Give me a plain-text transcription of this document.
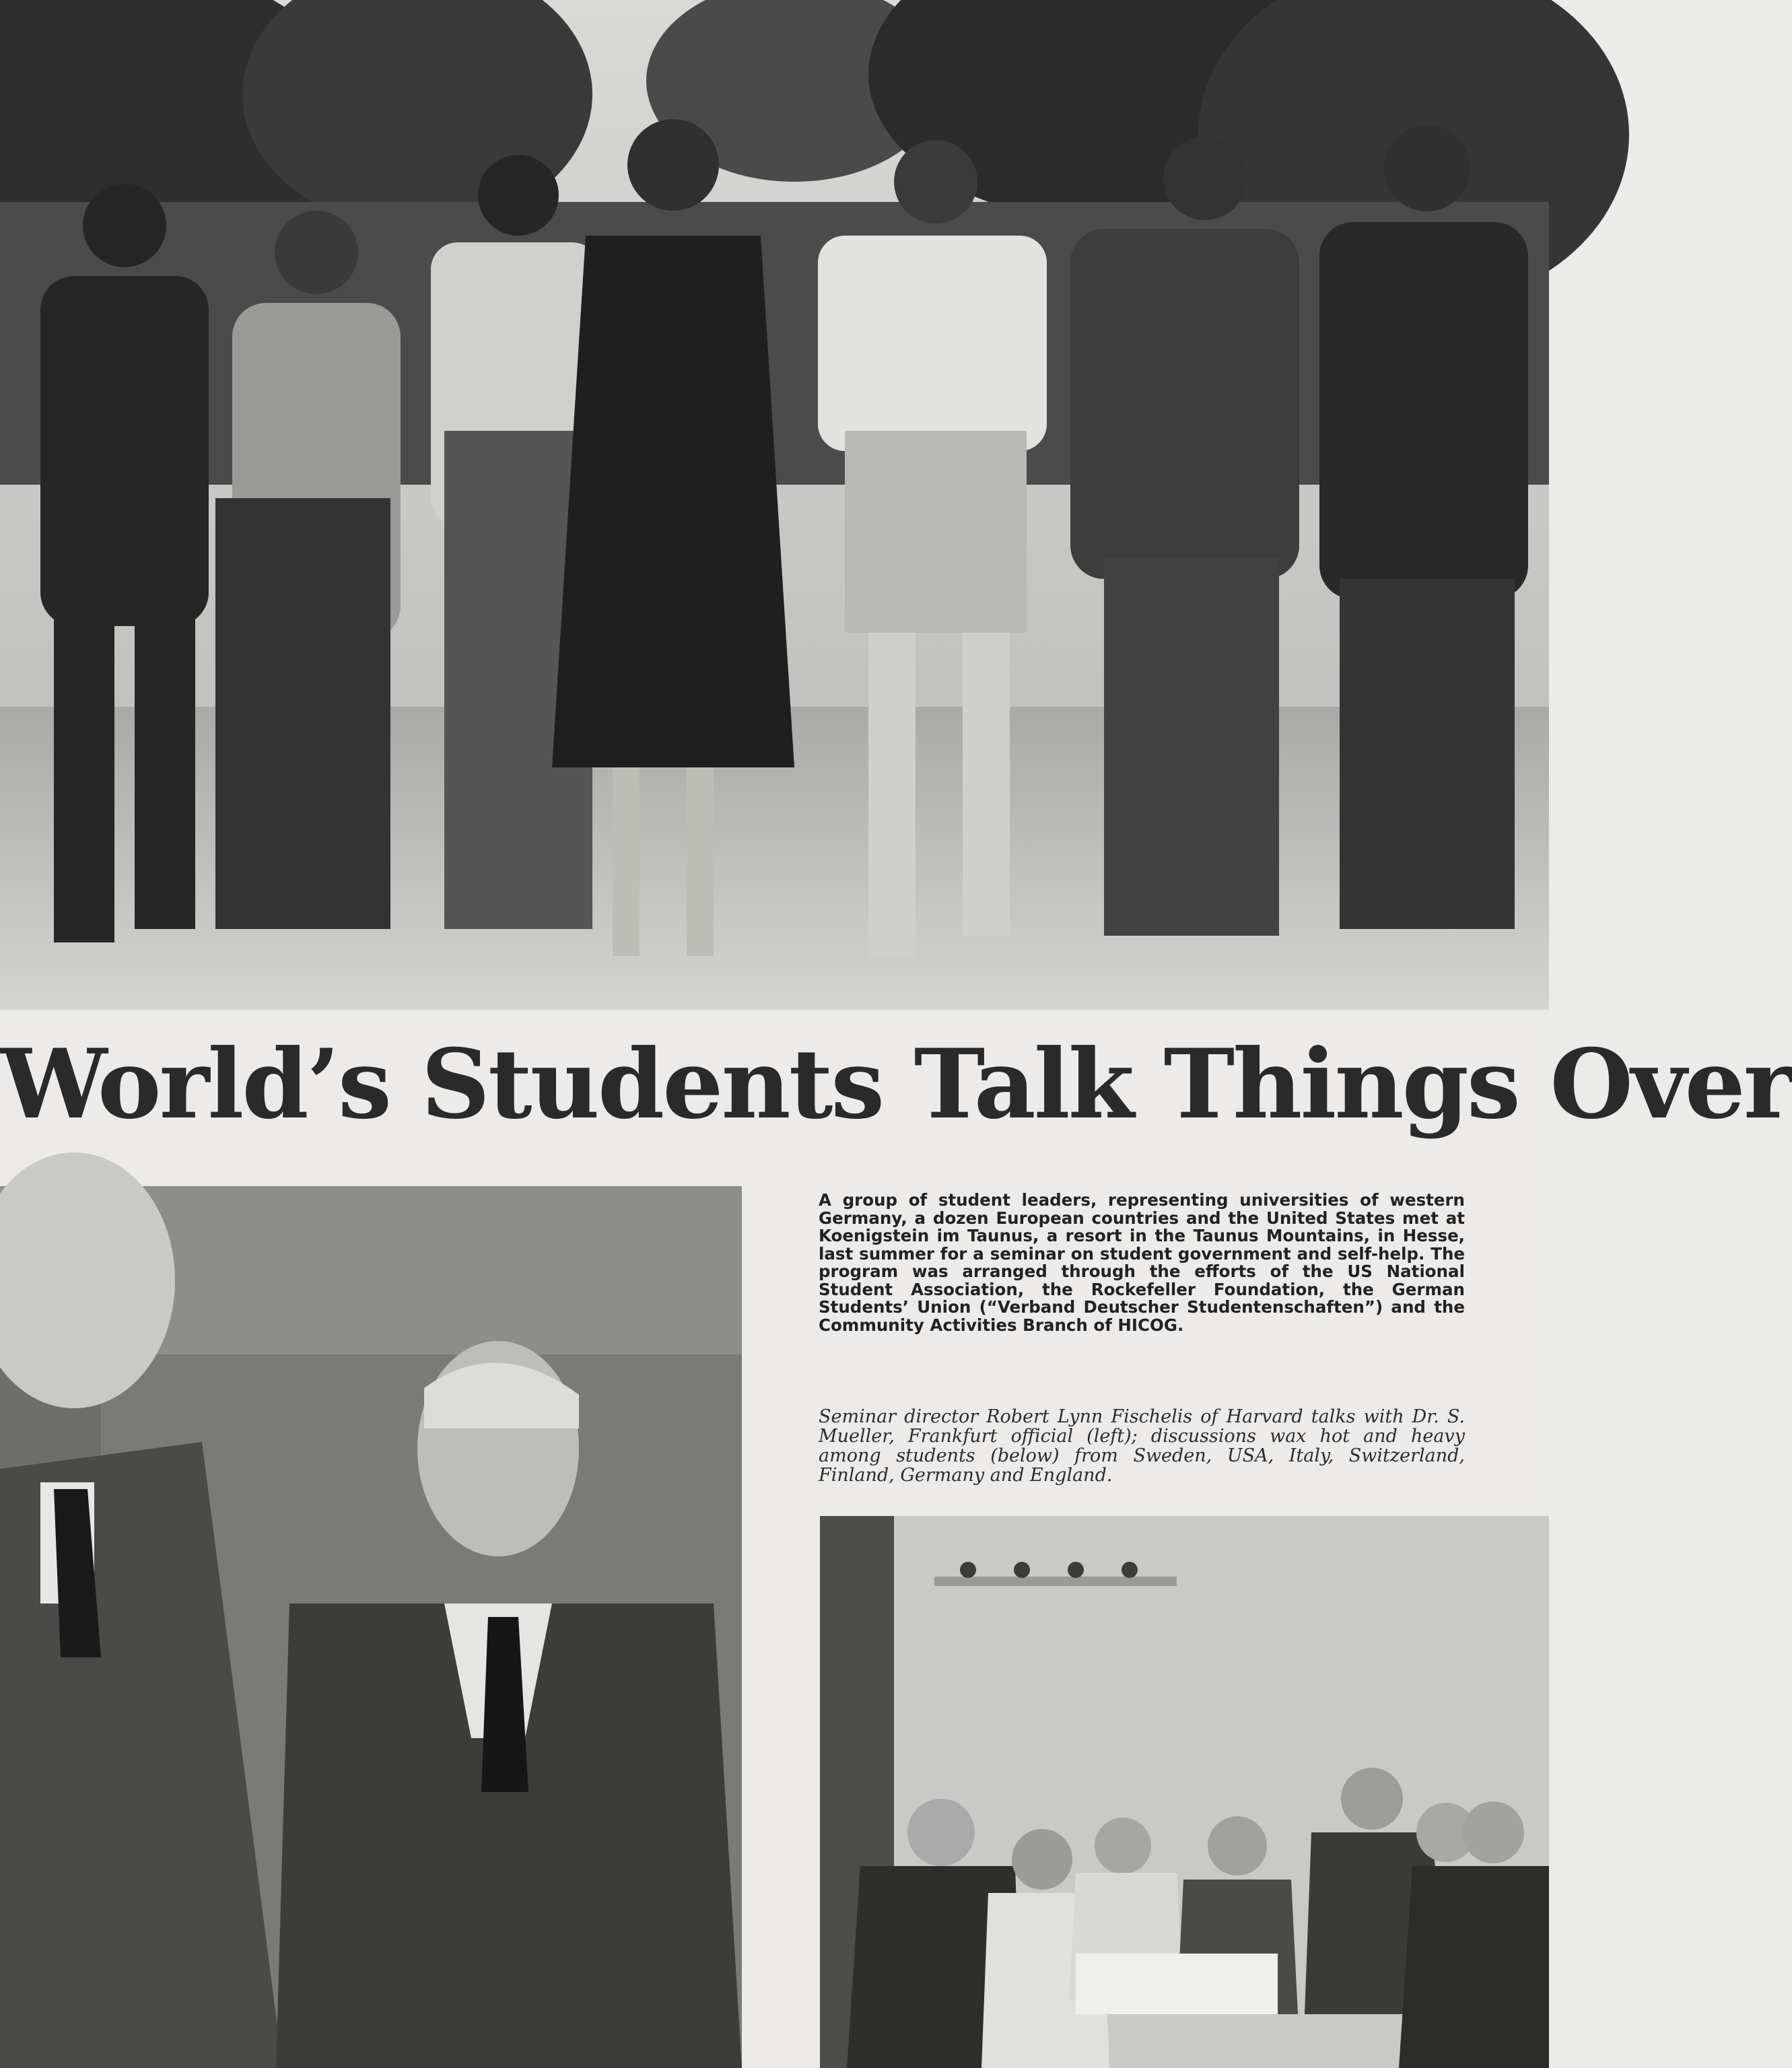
World’s Students Talk Things Over
A group of student leaders, representing universities of western Germany, a dozen European countries and the United States met at Koenigstein im Taunus, a resort in the Taunus Mountains, in Hesse, last summer for a seminar on student government and self-help. The program was arranged through the efforts of the US National Student Association, the Rockefeller Foundation, the German Students’ Union (“Verband Deutscher Studentenschaften”) and the Community Activities Branch of HICOG.
Seminar director Robert Lynn Fischelis of Harvard talks with Dr. S. Mueller, Frankfurt official (left); discussions wax hot and heavy among students (below) from Sweden, USA, Italy, Switzerland, Finland, Germany and England.
